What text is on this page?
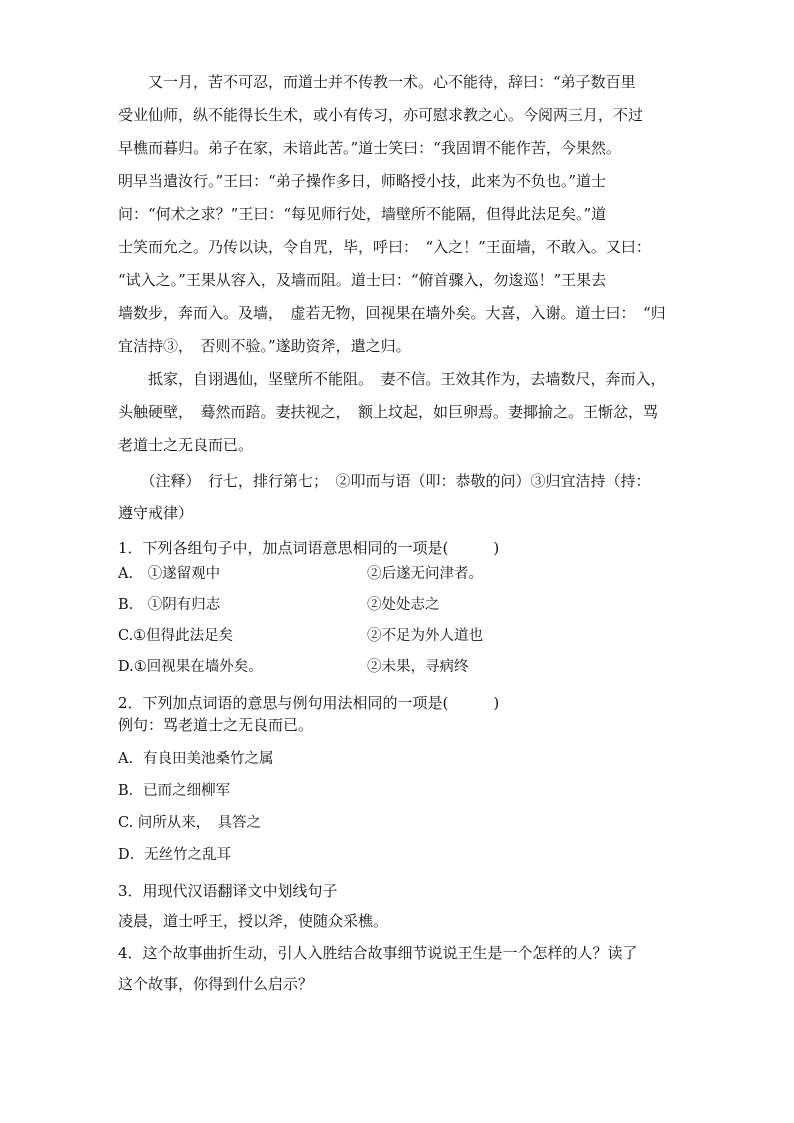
　　又一月，苦不可忍，而道士并不传教一术。心不能待，辞曰：“弟子数百里
受业仙师，纵不能得长生术，或小有传习，亦可慰求教之心。今阅两三月，不过
早樵而暮归。弟子在家，未谙此苦。”道士笑曰：“我固谓不能作苦，今果然。
明早当遣汝行。”王曰：“弟子操作多日，师略授小技，此来为不负也。”道士
问：“何术之求？”王曰：“每见师行处，墙壁所不能隔，但得此法足矣。”道
士笑而允之。乃传以诀，令自咒，毕，呼曰：　“入之！”王面墙，不敢入。又曰：
“试入之。”王果从容入，及墙而阻。道士曰：“俯首骤入，勿逡巡！”王果去
墙数步，奔而入。及墙，　虚若无物，回视果在墙外矣。大喜，入谢。道士曰：　“归
宜洁持③，　否则不验。”遂助资斧，遣之归。
　　抵家，自诩遇仙，坚壁所不能阻。　妻不信。王效其作为，去墙数尺，奔而入，
头触硬壁，　蓦然而踣。妻扶视之，　额上坟起，如巨卵焉。妻揶揄之。王惭忿，骂
老道士之无良而已。
　　（注释）　行七，排行第七；　②叩而与语（叩：恭敬的问）③归宜洁持（持：
遵守戒律）
1．下列各组句子中，加点词语意思相同的一项是(　　　)
A.　①遂留观中	②后遂无问津者。
B.　①阴有归志	②处处志之
C.①但得此法足矣	②不足为外人道也
D.①回视果在墙外矣。	②未果，寻病终
2．下列加点词语的意思与例句用法相同的一项是(　　　)
例句：骂老道士之无良而已。
A．有良田美池桑竹之属
B．已而之细柳军
C. 问所从来，　具答之
D．无丝竹之乱耳
3．用现代汉语翻译文中划线句子
凌晨，道士呼王，授以斧，使随众采樵。
4．这个故事曲折生动，引人入胜结合故事细节说说王生是一个怎样的人？读了
这个故事，你得到什么启示？
